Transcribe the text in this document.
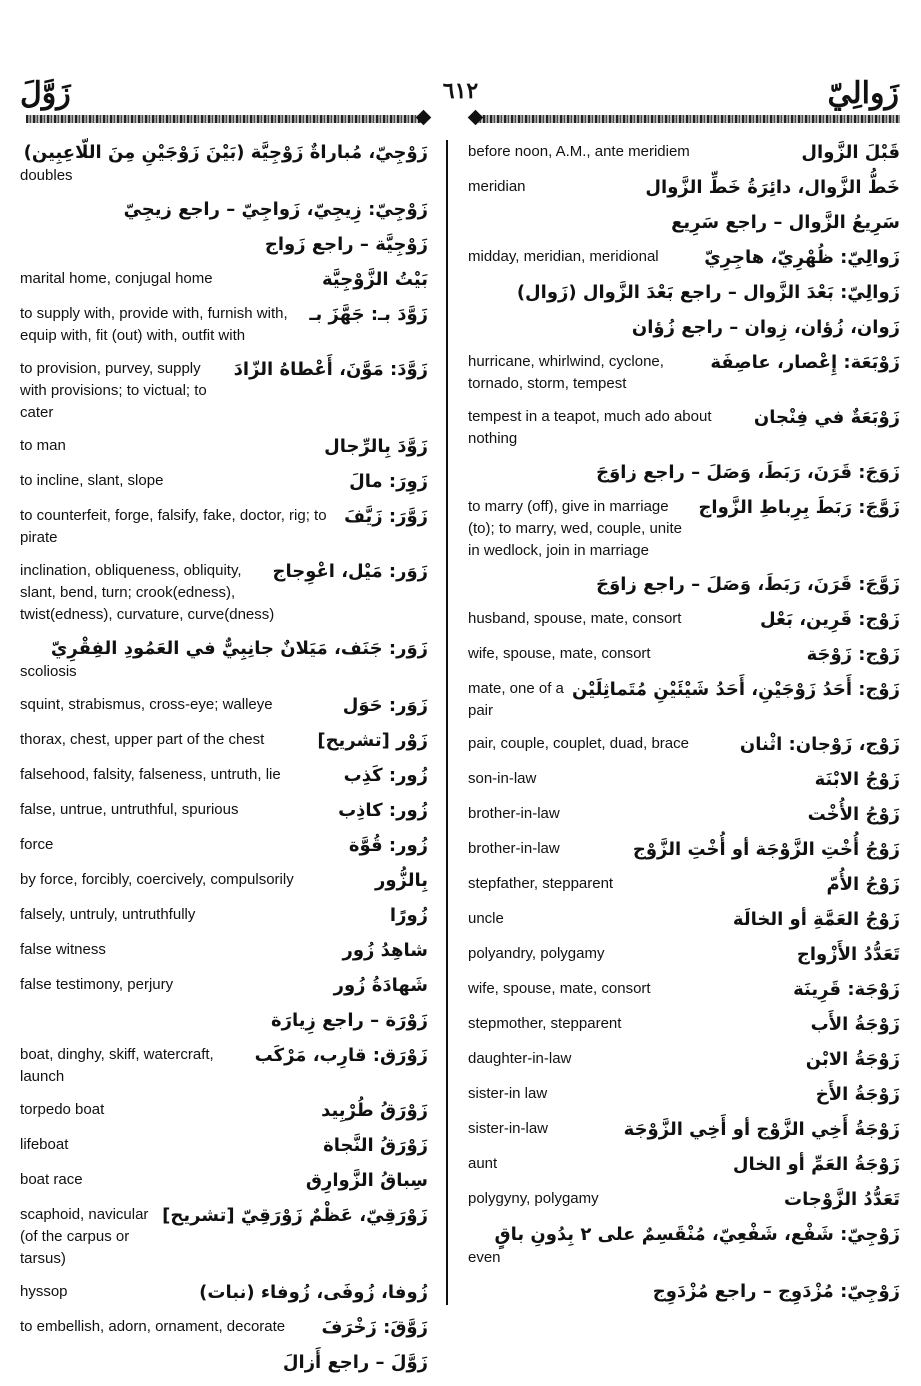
زَوَّلَ	٦١٢	زَوالِيّ
زَوْجِيّ، مُباراةٌ زَوْجِيَّة (بَيْنَ زَوْجَيْنِ مِنَ اللّاعِبِين)
doubles
زَوْجِيّ: زِيجِيّ، زَواجِيّ – راجع زيجِيّ
زَوْجِيَّة – راجع زَواج
بَيْتُ الزَّوْجِيَّة
marital home, conjugal home
زَوَّدَ بـ: جَهَّزَ بـ
to supply with, provide with, furnish with, equip with, fit (out) with, outfit with
زَوَّدَ: مَوَّنَ، أَعْطاهُ الزّادَ
to provision, purvey, supply with provisions; to victual; to cater
زَوَّدَ بِالرِّجال
to man
زَوِرَ: مالَ
to incline, slant, slope
زَوَّرَ: زَيَّفَ
to counterfeit, forge, falsify, fake, doctor, rig; to pirate
زَوَر: مَيْل، اعْوِجاج
inclination, obliqueness, obliquity, slant, bend, turn; crook(edness), twist(edness), curvature, curve(dness)
زَوَر: جَنَف، مَيَلانٌ جانِبِيٌّ في العَمُودِ الفِقْرِيّ
scoliosis
زَوَر: حَوَل
squint, strabismus, cross-eye; walleye
زَوْر [تشريح]
thorax, chest, upper part of the chest
زُور: كَذِب
falsehood, falsity, falseness, untruth, lie
زُور: كاذِب
false, untrue, untruthful, spurious
زُور: قُوَّة
force
بِالزُّور
by force, forcibly, coercively, compulsorily
زُورًا
falsely, untruly, untruthfully
شاهِدُ زُور
false witness
شَهادَةُ زُور
false testimony, perjury
زَوْرَة – راجع زِيارَة
زَوْرَق: قارِب، مَرْكَب
boat, dinghy, skiff, watercraft, launch
زَوْرَقُ طُرْبِيد
torpedo boat
زَوْرَقُ النَّجاة
lifeboat
سِباقُ الزَّوارِق
boat race
زَوْرَقِيّ، عَظْمٌ زَوْرَقِيّ [تشريح]
scaphoid, navicular (of the carpus or tarsus)
زُوفا، زُوفَى، زُوفاء (نبات)
hyssop
زَوَّقَ: زَخْرَفَ
to embellish, adorn, ornament, decorate
زَوَّلَ – راجع أَزالَ
قَبْلَ الزَّوال
before noon, A.M., ante meridiem
خَطُّ الزَّوال، دائِرَةُ خَطِّ الزَّوال
meridian
سَرِيعُ الزَّوال – راجع سَرِيع
زَوالِيّ: ظُهْرِيّ، هاجِرِيّ
midday, meridian, meridional
زَوالِيّ: بَعْدَ الزَّوال – راجع بَعْدَ الزَّوال (زَوال)
زَوان، زُؤان، زِوان – راجع زُؤان
زَوْبَعَة: إِعْصار، عاصِفَة
hurricane, whirlwind, cyclone, tornado, storm, tempest
زَوْبَعَةٌ في فِنْجان
tempest in a teapot, much ado about nothing
زَوَجَ: قَرَنَ، رَبَطَ، وَصَلَ – راجع زاوَجَ
زَوَّجَ: رَبَطَ بِرِباطِ الزَّواج
to marry (off), give in marriage (to); to marry, wed, couple, unite in wedlock, join in marriage
زَوَّجَ: قَرَنَ، رَبَطَ، وَصَلَ – راجع زاوَجَ
زَوْج: قَرِين، بَعْل
husband, spouse, mate, consort
زَوْج: زَوْجَة
wife, spouse, mate, consort
زَوْج: أَحَدُ زَوْجَيْنِ، أَحَدُ شَيْئَيْنِ مُتَماثِلَيْن
mate, one of a pair
زَوْج، زَوْجان: اثْنان
pair, couple, couplet, duad, brace
زَوْجُ الابْنَة
son-in-law
زَوْجُ الأُخْت
brother-in-law
زَوْجُ أُخْتِ الزَّوْجَة أو أُخْتِ الزَّوْج
brother-in-law
زَوْجُ الأُمّ
stepfather, stepparent
زَوْجُ العَمَّةِ أو الخالَة
uncle
تَعَدُّدُ الأَزْواج
polyandry, polygamy
زَوْجَة: قَرِينَة
wife, spouse, mate, consort
زَوْجَةُ الأَب
stepmother, stepparent
زَوْجَةُ الابْن
daughter-in-law
زَوْجَةُ الأَخ
sister-in law
زَوْجَةُ أَخِي الزَّوْج أو أَخِي الزَّوْجَة
sister-in-law
زَوْجَةُ العَمِّ أو الخال
aunt
تَعَدُّدُ الزَّوْجات
polygyny, polygamy
زَوْجِيّ: شَفْع، شَفْعِيّ، مُنْقَسِمٌ على ٢ بِدُونِ باقٍ
even
زَوْجِيّ: مُزْدَوِج – راجع مُزْدَوِج
